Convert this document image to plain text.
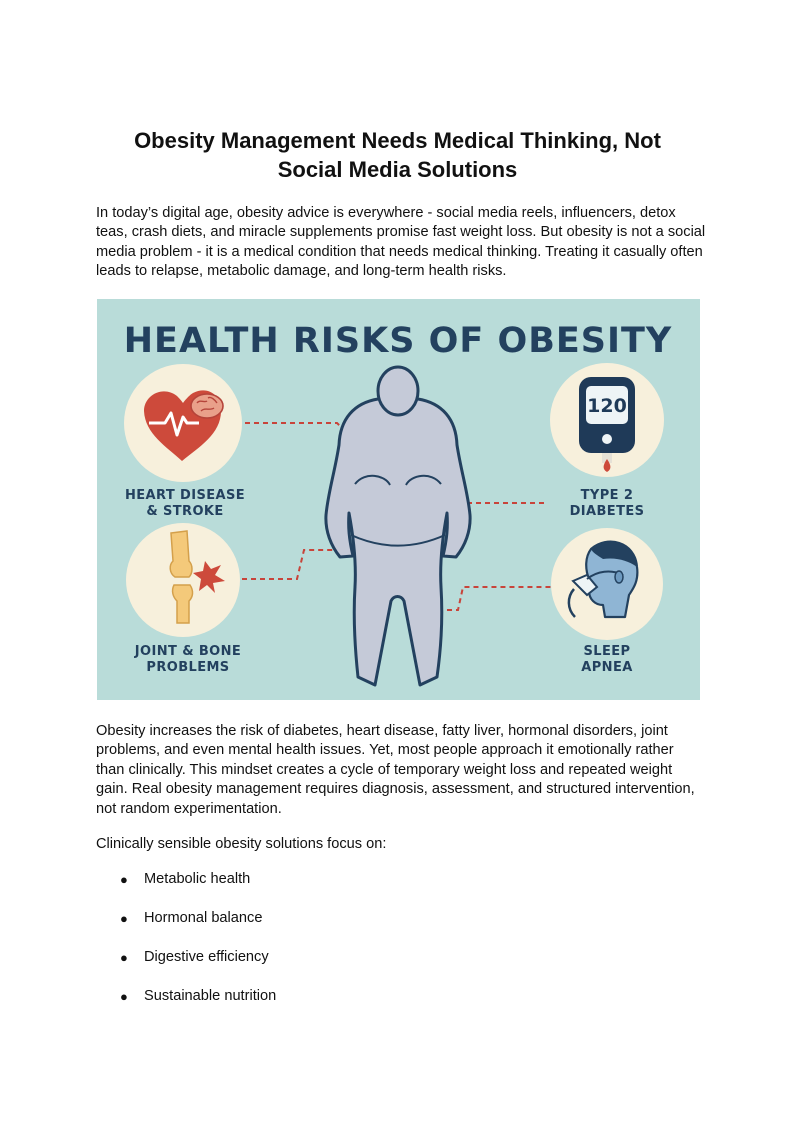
Obesity Management Needs Medical Thinking, Not
Social Media Solutions

In today’s digital age, obesity advice is everywhere - social media reels, influencers, detox teas, crash diets, and miracle supplements promise fast weight loss. But obesity is not a social media problem - it is a medical condition that needs medical thinking. Treating it casually often leads to relapse, metabolic damage, and long-term health risks.

HEALTH RISKS OF OBESITY
HEART DISEASE
& STROKE
JOINT & BONE
PROBLEMS
120
TYPE 2
DIABETES
SLEEP
APNEA

Obesity increases the risk of diabetes, heart disease, fatty liver, hormonal disorders, joint problems, and even mental health issues. Yet, most people approach it emotionally rather than clinically. This mindset creates a cycle of temporary weight loss and repeated weight gain. Real obesity management requires diagnosis, assessment, and structured intervention, not random experimentation.

Clinically sensible obesity solutions focus on:

● Metabolic health
● Hormonal balance
● Digestive efficiency
● Sustainable nutrition
